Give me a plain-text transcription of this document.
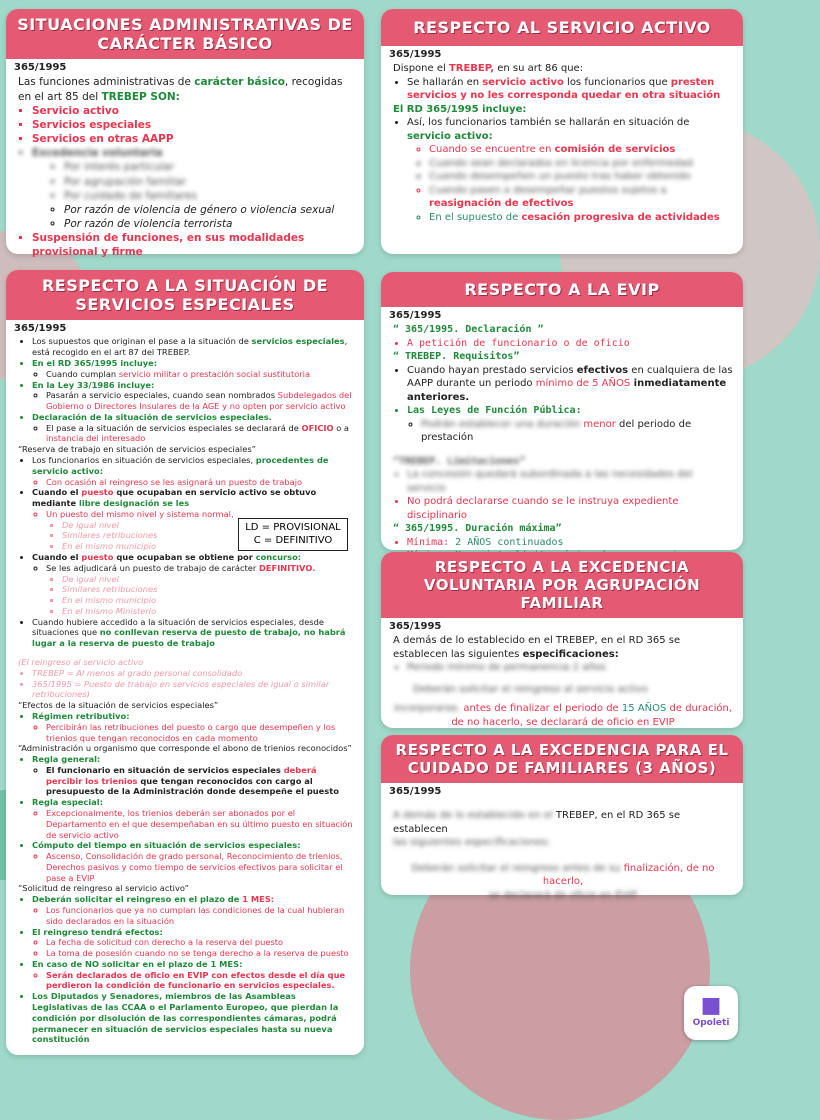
SITUACIONES ADMINISTRATIVAS DE CARÁCTER BÁSICO
365/1995
Las funciones administrativas de carácter básico, recogidas en el art 85 del TREBEP SON:
▪ Servicio activo
▪ Servicios especiales
▪ Servicios en otras AAPP
▪ Excedencia voluntaria
◦ Por interés particular
◦ Por agrupación familiar
◦ Por cuidado de familiares
◦ Por razón de violencia de género o violencia sexual
◦ Por razón de violencia terrorista
▪ Suspensión de funciones, en sus modalidades provisional y firme
RESPECTO AL SERVICIO ACTIVO
365/1995
Dispone el TREBEP, en su art 86 que:
• Se hallarán en servicio activo los funcionarios que presten servicios y no les corresponda quedar en otra situación
El RD 365/1995 incluye:
• Así, los funcionarios también se hallarán en situación de servicio activo:
◦ Cuando se encuentre en comisión de servicios
◦ Cuando sean declarados en licencia por enfermedad
◦ Cuando desempeñen un puesto tras haber obtenido
◦ Cuando pasen a desempeñar puestos sujetos a reasignación de efectivos
◦ En el supuesto de cesación progresiva de actividades
RESPECTO A LA SITUACIÓN DE SERVICIOS ESPECIALES
365/1995
• Los supuestos que originan el pase a la situación de servicios especiales, está recogido en el art 87 del TREBEP.
• En el RD 365/1995 incluye:
◦ Cuando cumplan servicio militar o prestación social sustitutoria
• En la Ley 33/1986 incluye:
◦ Pasarán a servicio especiales, cuando sean nombrados Subdelegados del Gobierno o Directores Insulares de la AGE y no opten por servicio activo
• Declaración de la situación de servicios especiales.
◦ El pase a la situación de servicios especiales se declarará de OFICIO o a instancia del interesado
“Reserva de trabajo en situación de servicios especiales”
• Los funcionarios en situación de servicios especiales, procedentes de servicio activo:
◦ Con ocasión al reingreso se les asignará un puesto de trabajo
• Cuando el puesto que ocupaban en servicio activo se obtuvo mediante libre designación se les
◦ Un puesto del mismo nivel y sistema normal,
▪ De igual nivel
▪ Similares retribuciones
▪ En el mismo municipio
• Cuando el puesto que ocupaban se obtiene por concurso:
◦ Se les adjudicará un puesto de trabajo de carácter DEFINITIVO.
▪ De igual nivel
▪ Similares retribuciones
▪ En el mismo municipio
▪ En el mismo Ministerio
• Cuando hubiere accedido a la situación de servicios especiales, desde situaciones que no conllevan reserva de puesto de trabajo, no habrá lugar a la reserva de puesto de trabajo
(El reingreso al servicio activo
• TREBEP = Al menos al grado personal consolidado
• 365/1995 = Puesto de trabajo en servicios especiales de igual o similar retribuciones)
“Efectos de la situación de servicios especiales”
• Régimen retributivo:
◦ Percibirán las retribuciones del puesto o cargo que desempeñen y los trienios que tengan reconocidos en cada momento
“Administración u organismo que corresponde el abono de trienios reconocidos”
• Regla general:
◦ El funcionario en situación de servicios especiales deberá percibir los trienios que tengan reconocidos con cargo al presupuesto de la Administración donde desempeñe el puesto
• Regla especial:
◦ Excepcionalmente, los trienios deberán ser abonados por el Departamento en el que desempeñaban en su último puesto en situación de servicio activo
• Cómputo del tiempo en situación de servicios especiales:
◦ Ascenso, Consolidación de grado personal, Reconocimiento de trienios, Derechos pasivos y como tiempo de servicios efectivos para solicitar el pase a EVIP
“Solicitud de reingreso al servicio activo”
• Deberán solicitar el reingreso en el plazo de 1 MES:
◦ Los funcionarios que ya no cumplan las condiciones de la cual hubieran sido declarados en la situación
• El reingreso tendrá efectos:
◦ La fecha de solicitud con derecho a la reserva del puesto
◦ La toma de posesión cuando no se tenga derecho a la reserva de puesto
• En caso de NO solicitar en el plazo de 1 MES:
◦ Serán declarados de oficio en EVIP con efectos desde el día que perdieron la condición de funcionario en servicios especiales.
• Los Diputados y Senadores, miembros de las Asambleas Legislativas de las CCAA o el Parlamento Europeo, que pierdan la condición por disolución de las correspondientes cámaras, podrá permanecer en situación de servicios especiales hasta su nueva constitución
LD = PROVISIONAL
C = DEFINITIVO
RESPECTO A LA EVIP
365/1995
“ 365/1995. Declaración ”
• A petición de funcionario o de oficio
“ TREBEP. Requisitos”
• Cuando hayan prestado servicios efectivos en cualquiera de las AAPP durante un periodo mínimo de 5 AÑOS inmediatamente anteriores.
• Las Leyes de Función Pública:
◦ Podrán establecer una duración menor del periodo de prestación
“TREBEP. Limitaciones”
• La concesión quedará subordinada a las necesidades del servicio
• No podrá declararse cuando se le instruya expediente disciplinario
“ 365/1995. Duración máxima”
• Mínima: 2 AÑOS continuados
•
RESPECTO A LA EXCEDENCIA VOLUNTARIA POR AGRUPACIÓN FAMILIAR
365/1995
A demás de lo establecido en el TREBEP, en el RD 365 se establecen las siguientes especificaciones:
• Periodo mínimo de permanencia 2 años
Deberán solicitar el reingreso al servicio activo
incorporarse, antes de finalizar el periodo de 15 AÑOS de duración, de no hacerlo, se declarará de oficio en EVIP
RESPECTO A LA EXCEDENCIA PARA EL CUIDADO DE FAMILIARES (3 AÑOS)
365/1995
A demás de lo establecido en el TREBEP, en el RD 365 se establecen
las siguientes especificaciones:
Deberán solicitar el reingreso antes de su finalización, de no hacerlo,
se declarará de oficio en EVIP
■
Opoleti
